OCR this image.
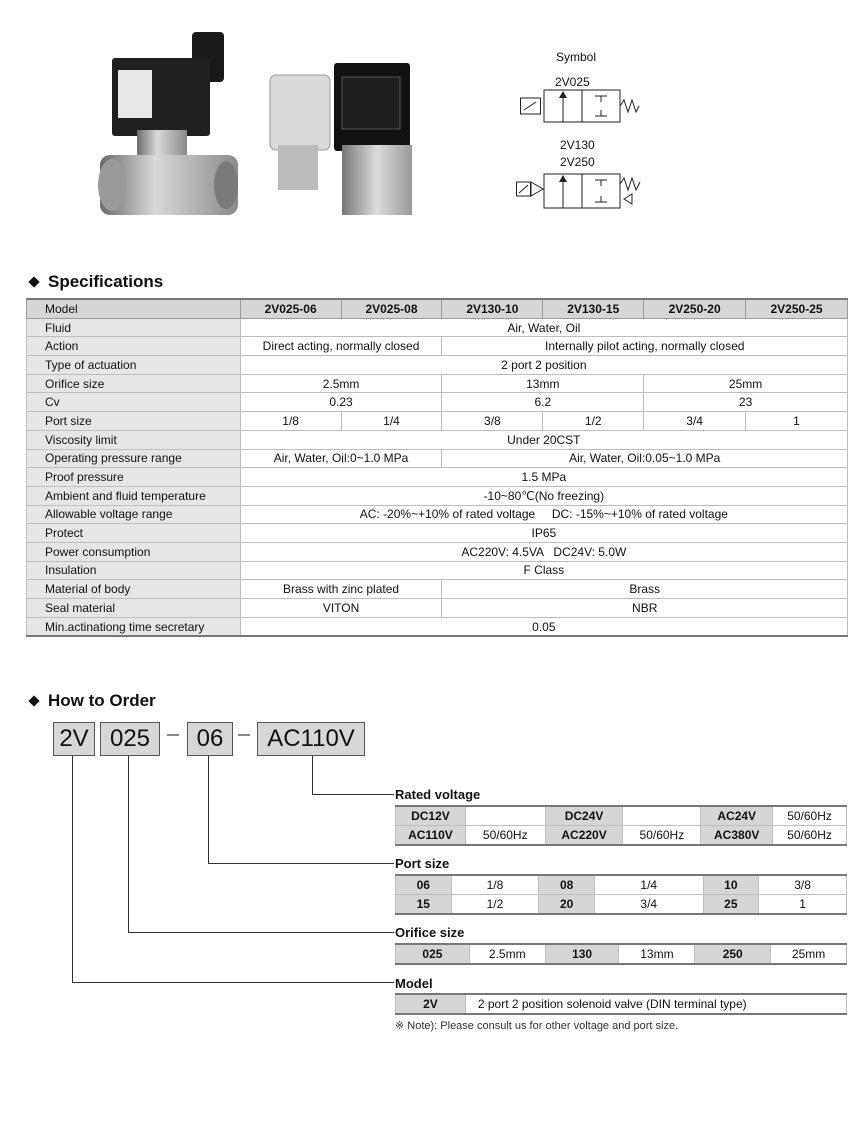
Symbol
2V025
2V130
2V250
Specifications
Model	2V025-06	2V025-08	2V130-10	2V130-15	2V250-20	2V250-25
Fluid	Air, Water, Oil					
Action	Direct acting, normally closed		Internally pilot acting, normally closed			
Type of actuation	2 port 2 position					
Orifice size	2.5mm		13mm		25mm	
Cv	0.23		6.2		23	
Port size	1/8	1/4	3/8	1/2	3/4	1
Viscosity limit	Under 20CST					
Operating pressure range	Air, Water, Oil:0~1.0 MPa		Air, Water, Oil:0.05~1.0 MPa			
Proof pressure	1.5 MPa					
Ambient and fluid temperature	-10~80℃(No freezing)					
Allowable voltage range	AC: -20%~+10% of rated voltage     DC: -15%~+10% of rated voltage					
Protect	IP65					
Power consumption	AC220V: 4.5VA   DC24V: 5.0W					
Insulation	F Class					
Material of body	Brass with zinc plated		Brass			
Seal material	VITON		NBR			
Min.actinationg time secretary	0.05					
How to Order
2V 025	06	AC110V
Rated voltage
DC12V		DC24V		AC24V	50/60Hz
AC110V	50/60Hz	AC220V	50/60Hz	AC380V	50/60Hz
Port size
06	1/8	08	1/4	10	3/8
15	1/2	20	3/4	25	1
Orifice size
025	2.5mm	130	13mm	250	25mm
Model
2V	2 port 2 position solenoid valve (DIN terminal type)
※ Note): Please consult us for other voltage and port size.
